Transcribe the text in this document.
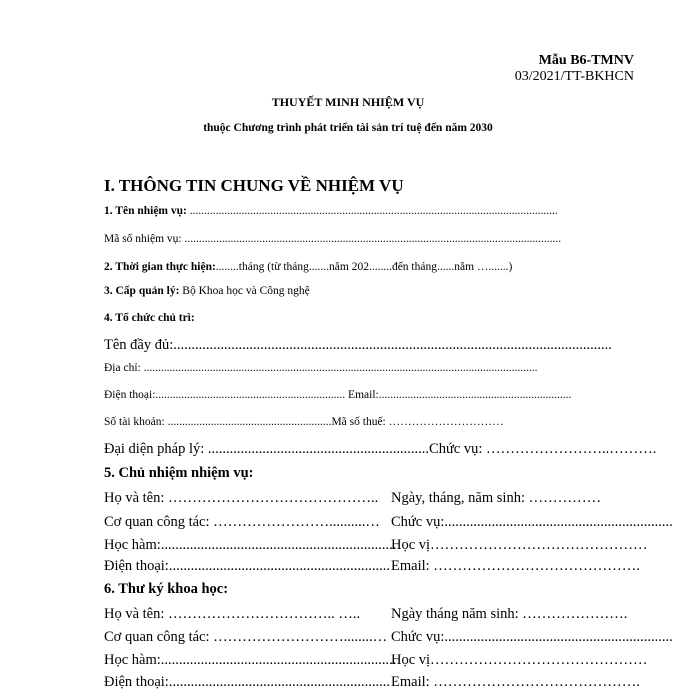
Mẫu B6-TMNV
03/2021/TT-BKHCN
THUYẾT MINH NHIỆM VỤ
thuộc Chương trình phát triển tài sản trí tuệ đến năm 2030
I. THÔNG TIN CHUNG VỀ NHIỆM VỤ
1. Tên nhiệm vụ: ................................................................................................................................
Mã số nhiệm vụ: ...................................................................................................................................
2. Thời gian thực hiện:........tháng (từ tháng.......năm 202........đến tháng......năm ….......)
3. Cấp quản lý: Bộ Khoa học và Công nghệ
4. Tổ chức chủ trì:
Tên đầy đủ:.........................................................................................................................
Địa chỉ: .........................................................................................................................................
Điện thoại:.................................................................. Email:...................................................................
Số tài khoản: .........................................................Mã số thuế: …………………………
Đại diện pháp lý: .............................................................Chức vụ: ……………………..……….
5. Chủ nhiệm nhiệm vụ:
Họ và tên: …………………………………….. Ngày, tháng, năm sinh: ……………
Cơ quan công tác: ……………………..........… Chức vụ:...............................................................
Học hàm:.................................................................
Học vị………………………………………
Điện thoại:............................................................. Email: …………………………………….
6. Thư ký khoa học:
Họ và tên: …………………………….. ….. Ngày tháng năm sinh: ………………….
Cơ quan công tác: ………………………........… Chức vụ:...............................................................
Học hàm:.................................................................
Học vị………………………………………
Điện thoại:............................................................. Email: …………………………………….
